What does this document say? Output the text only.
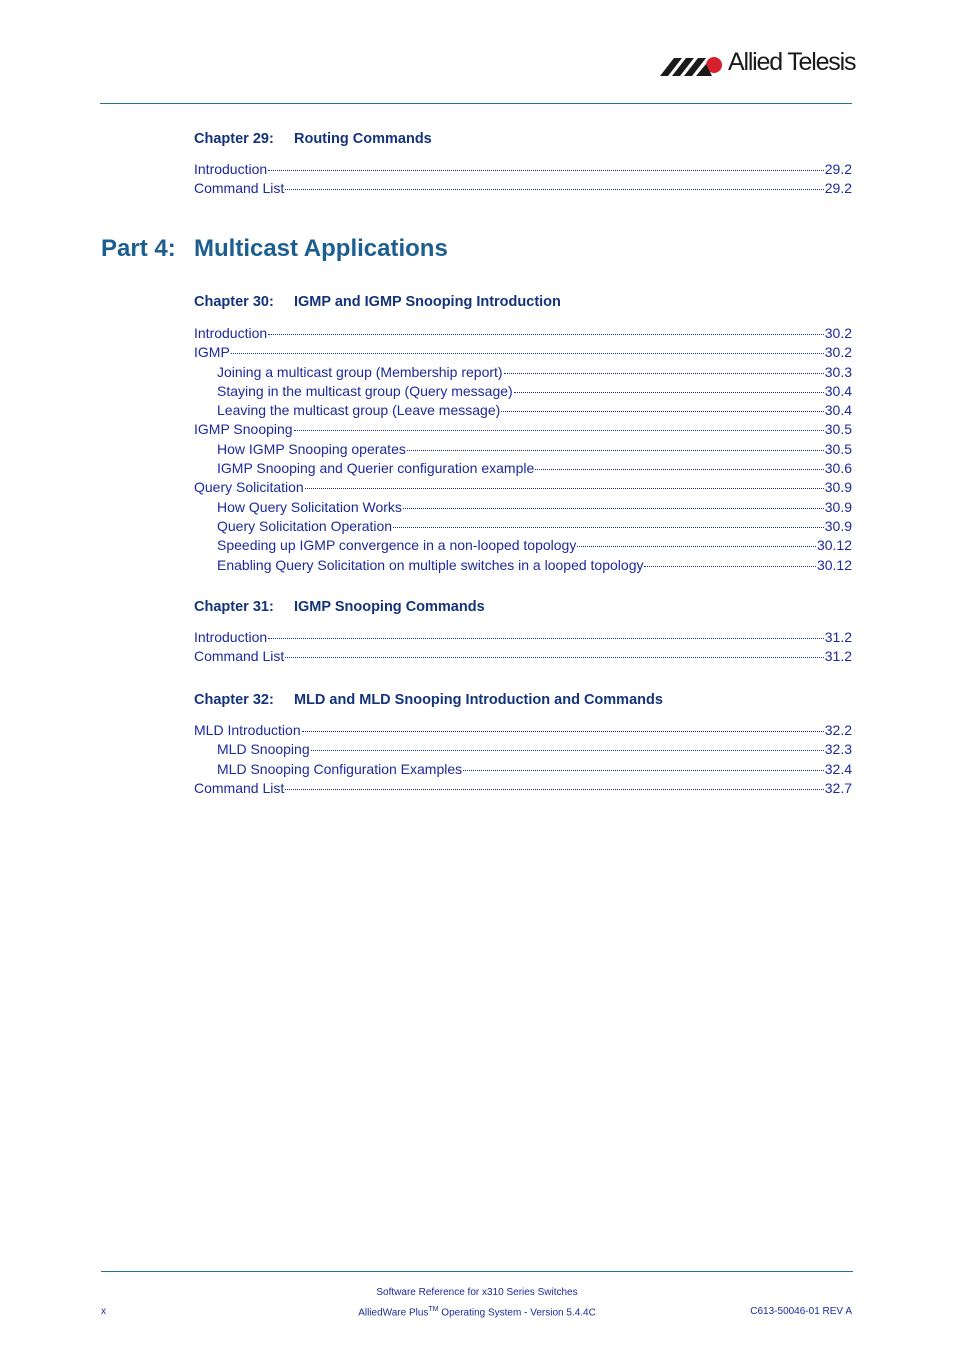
Allied Telesis
Chapter 29: Routing Commands
Introduction	29.2
Command List	29.2
Part 4: Multicast Applications
Chapter 30: IGMP and IGMP Snooping Introduction
Introduction	30.2
IGMP	30.2
Joining a multicast group (Membership report)	30.3
Staying in the multicast group (Query message)	30.4
Leaving the multicast group (Leave message)	30.4
IGMP Snooping	30.5
How IGMP Snooping operates	30.5
IGMP Snooping and Querier configuration example	30.6
Query Solicitation	30.9
How Query Solicitation Works	30.9
Query Solicitation Operation	30.9
Speeding up IGMP convergence in a non-looped topology	30.12
Enabling Query Solicitation on multiple switches in a looped topology	30.12
Chapter 31: IGMP Snooping Commands
Introduction	31.2
Command List	31.2
Chapter 32: MLD and MLD Snooping Introduction and Commands
MLD Introduction	32.2
MLD Snooping	32.3
MLD Snooping Configuration Examples	32.4
Command List	32.7
Software Reference for x310 Series Switches
x	AlliedWare Plus™ Operating System - Version 5.4.4C	C613-50046-01 REV A
